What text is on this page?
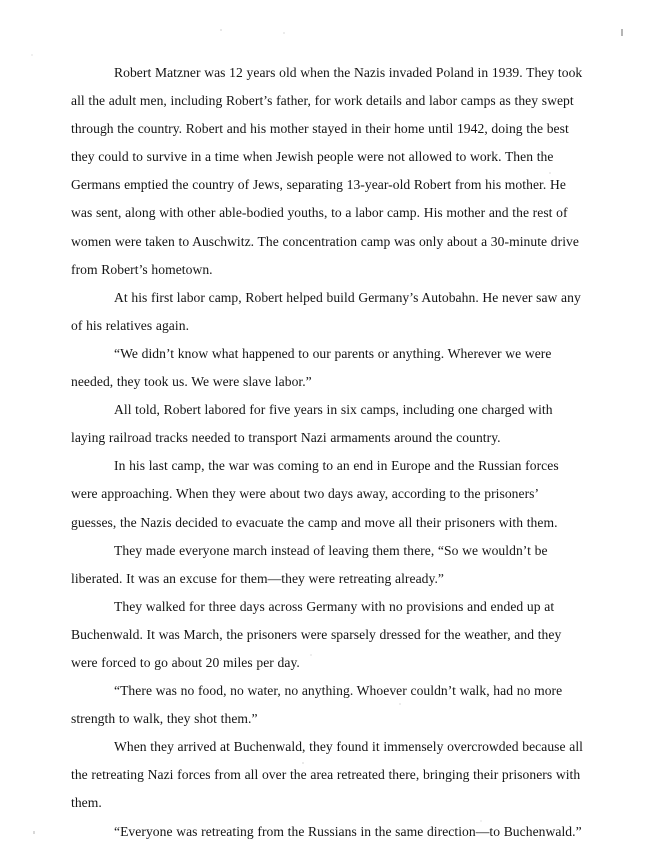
Robert Matzner was 12 years old when the Nazis invaded Poland in 1939. They took all the adult men, including Robert’s father, for work details and labor camps as they swept through the country. Robert and his mother stayed in their home until 1942, doing the best they could to survive in a time when Jewish people were not allowed to work. Then the Germans emptied the country of Jews, separating 13-year-old Robert from his mother. He was sent, along with other able-bodied youths, to a labor camp. His mother and the rest of women were taken to Auschwitz. The concentration camp was only about a 30-minute drive from Robert’s hometown.

At his first labor camp, Robert helped build Germany’s Autobahn. He never saw any of his relatives again.

“We didn’t know what happened to our parents or anything. Wherever we were needed, they took us. We were slave labor.”

All told, Robert labored for five years in six camps, including one charged with laying railroad tracks needed to transport Nazi armaments around the country.

In his last camp, the war was coming to an end in Europe and the Russian forces were approaching. When they were about two days away, according to the prisoners’ guesses, the Nazis decided to evacuate the camp and move all their prisoners with them.

They made everyone march instead of leaving them there, “So we wouldn’t be liberated. It was an excuse for them—they were retreating already.”

They walked for three days across Germany with no provisions and ended up at Buchenwald. It was March, the prisoners were sparsely dressed for the weather, and they were forced to go about 20 miles per day.

“There was no food, no water, no anything. Whoever couldn’t walk, had no more strength to walk, they shot them.”

When they arrived at Buchenwald, they found it immensely overcrowded because all the retreating Nazi forces from all over the area retreated there, bringing their prisoners with them.

“Everyone was retreating from the Russians in the same direction—to Buchenwald.”
